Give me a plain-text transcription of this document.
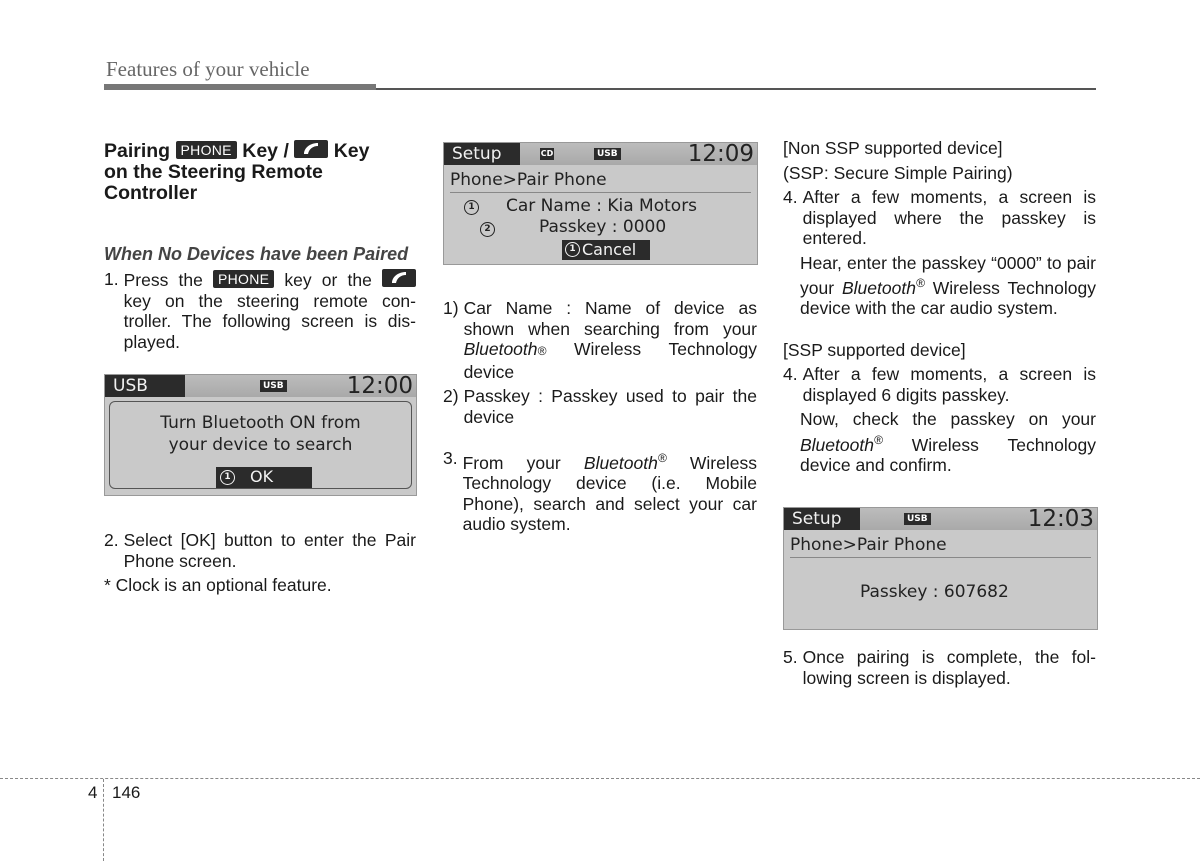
Features of your vehicle

Pairing PHONE Key / Key
on the Steering Remote
Controller

When No Devices have been Paired

1. Press the PHONE key or the
key on the steering remote con-troller. The following screen is dis-played.
USB	USB	12:00
Turn Bluetooth ON from
your device to search
1 OK
2. Select [OK] button to enter the Pair Phone screen.
* Clock is an optional feature.
Setup	CD	USB	12:09
Phone>Pair Phone
1
2
Car Name : Kia Motors
Passkey : 0000
1 Cancel
1) Car Name : Name of device as shown when searching from your Bluetooth® Wireless Technology device
2) Passkey : Passkey used to pair the device
3. From your Bluetooth® Wireless Technology device (i.e. Mobile Phone), search and select your car audio system.
[Non SSP supported device]
(SSP: Secure Simple Pairing)
4. After a few moments, a screen is displayed where the passkey is entered.
Hear, enter the passkey “0000” to pair your Bluetooth® Wireless Technology device with the car audio system.
[SSP supported device]
4. After a few moments, a screen is displayed 6 digits passkey.
Now, check the passkey on your Bluetooth® Wireless Technology device and confirm.
Setup	USB	12:03
Phone>Pair Phone
Passkey : 607682
5. Once pairing is complete, the fol-lowing screen is displayed.
4 146
